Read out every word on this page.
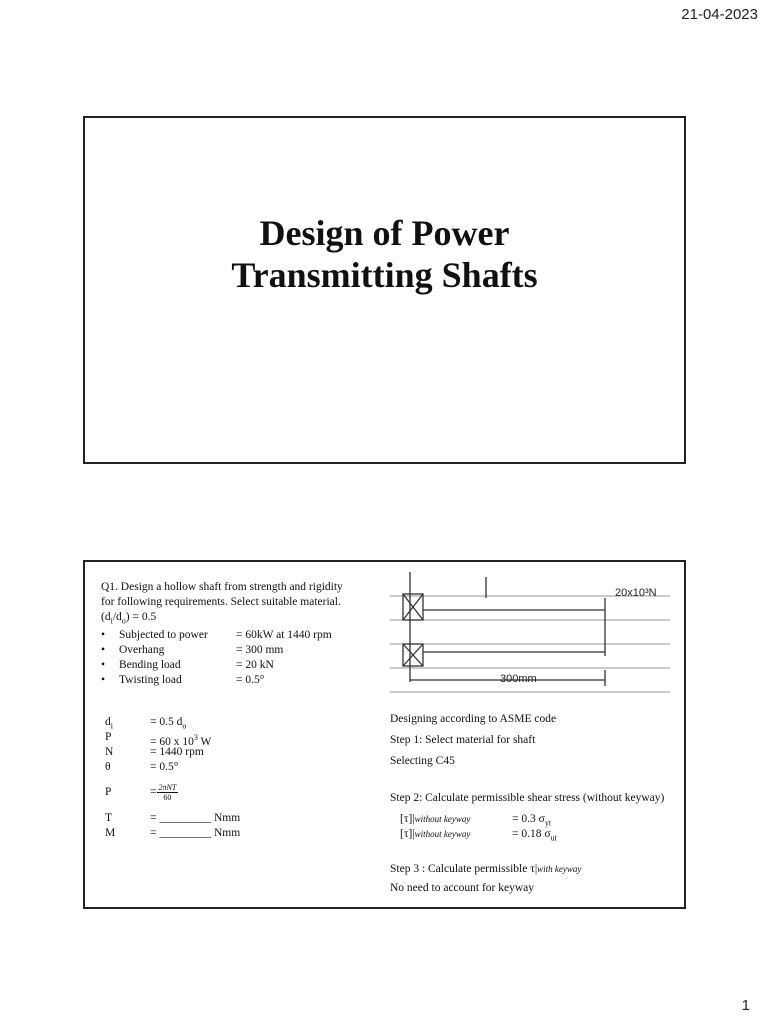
21-04-2023
Design of Power
Transmitting Shafts
Q1. Design a hollow shaft from strength and rigidity
for following requirements. Select suitable material.
$(d_i/d_o) = 0.5$
•	Subjected to power	= 60kW at 1440 rpm
•	Overhang	= 300 mm
•	Bending load	= 20 kN
•	Twisting load	= 0.5°
$d_i$	= 0.5 $d_o$
P	= 60 x $10^3$ W
N	= 1440 rpm
θ	= 0.5°
P	= $\frac{\text{2πNT}}{60}$
T	= _________ Nmm
M	= _________ Nmm
20x10³N
300mm

Designing according to ASME code

Step 1: Select material for shaft

Selecting C45

Step 2: Calculate permissible shear stress (without keyway)

[τ]|without keyway	= 0.3 $\sigma_{yt}$
[τ]|without keyway	= 0.18 $\sigma_{ut}$

Step 3 : Calculate permissible τ|with keyway

No need to account for keyway

1
